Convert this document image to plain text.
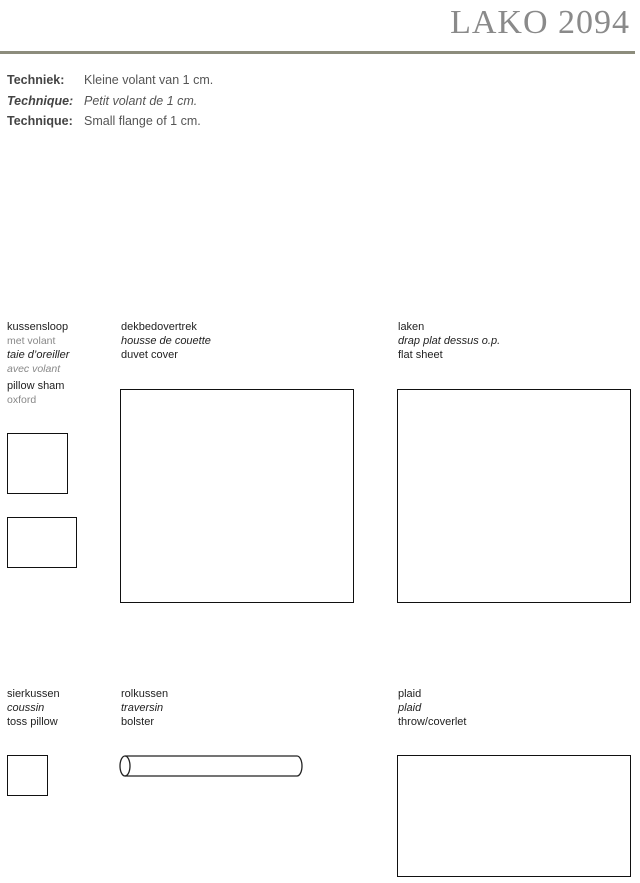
LAKO 2094
Techniek: Kleine volant van 1 cm.
Technique: Petit volant de 1 cm.
Technique: Small flange of 1 cm.
kussensloop
met volant
taie d’oreiller
avec volant
pillow sham
oxford
dekbedovertrek
housse de couette
duvet cover
laken
drap plat dessus o.p.
flat sheet
sierkussen
coussin
toss pillow
rolkussen
traversin
bolster
plaid
plaid
throw/coverlet
